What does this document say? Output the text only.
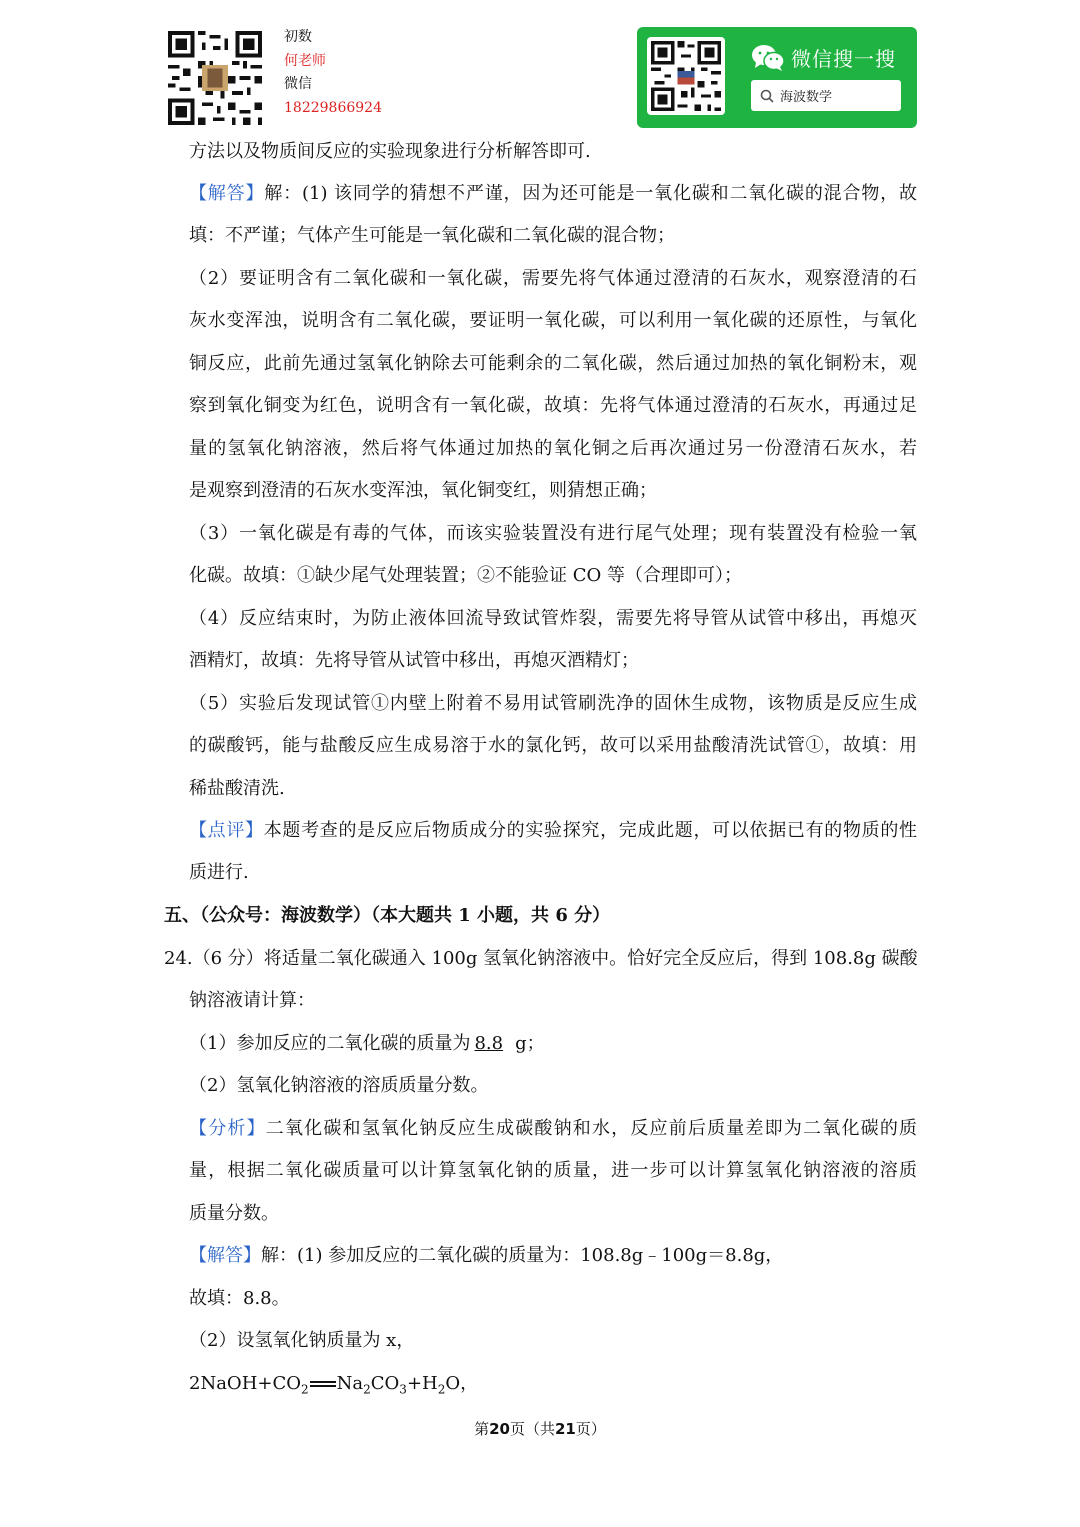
初数
何老师
微信
18229866924
微信搜一搜
海波数学
方法以及物质间反应的实验现象进行分析解答即可.
【解答】解：(1) 该同学的猜想不严谨，因为还可能是一氧化碳和二氧化碳的混合物，故
填：不严谨；气体产生可能是一氧化碳和二氧化碳的混合物；
（2）要证明含有二氧化碳和一氧化碳，需要先将气体通过澄清的石灰水，观察澄清的石
灰水变浑浊，说明含有二氧化碳，要证明一氧化碳，可以利用一氧化碳的还原性，与氧化
铜反应，此前先通过氢氧化钠除去可能剩余的二氧化碳，然后通过加热的氧化铜粉末，观
察到氧化铜变为红色，说明含有一氧化碳，故填：先将气体通过澄清的石灰水，再通过足
量的氢氧化钠溶液，然后将气体通过加热的氧化铜之后再次通过另一份澄清石灰水，若
是观察到澄清的石灰水变浑浊，氧化铜变红，则猜想正确；
（3）一氧化碳是有毒的气体，而该实验装置没有进行尾气处理；现有装置没有检验一氧
化碳。故填：①缺少尾气处理装置；②不能验证 CO 等（合理即可）；
（4）反应结束时，为防止液体回流导致试管炸裂，需要先将导管从试管中移出，再熄灭
酒精灯，故填：先将导管从试管中移出，再熄灭酒精灯；
（5）实验后发现试管①内壁上附着不易用试管刷洗净的固休生成物，该物质是反应生成
的碳酸钙，能与盐酸反应生成易溶于水的氯化钙，故可以采用盐酸清洗试管①，故填：用
稀盐酸清洗.
【点评】本题考查的是反应后物质成分的实验探究，完成此题，可以依据已有的物质的性
质进行.
五、（公众号：海波数学）（本大题共 1 小题，共 6 分）
24.（6 分）将适量二氧化碳通入 100g 氢氧化钠溶液中。恰好完全反应后，得到 108.8g 碳酸
钠溶液请计算：
（1）参加反应的二氧化碳的质量为 8.8 g；
（2）氢氧化钠溶液的溶质质量分数。
【分析】二氧化碳和氢氧化钠反应生成碳酸钠和水，反应前后质量差即为二氧化碳的质
量，根据二氧化碳质量可以计算氢氧化钠的质量，进一步可以计算氢氧化钠溶液的溶质
质量分数。
【解答】解：(1) 参加反应的二氧化碳的质量为：108.8g﹣100g＝8.8g，
故填：8.8。
（2）设氢氧化钠质量为 x，
$2NaOH+CO_2$ $Na_2CO_3+H_2O$，
第20页（共21页）
